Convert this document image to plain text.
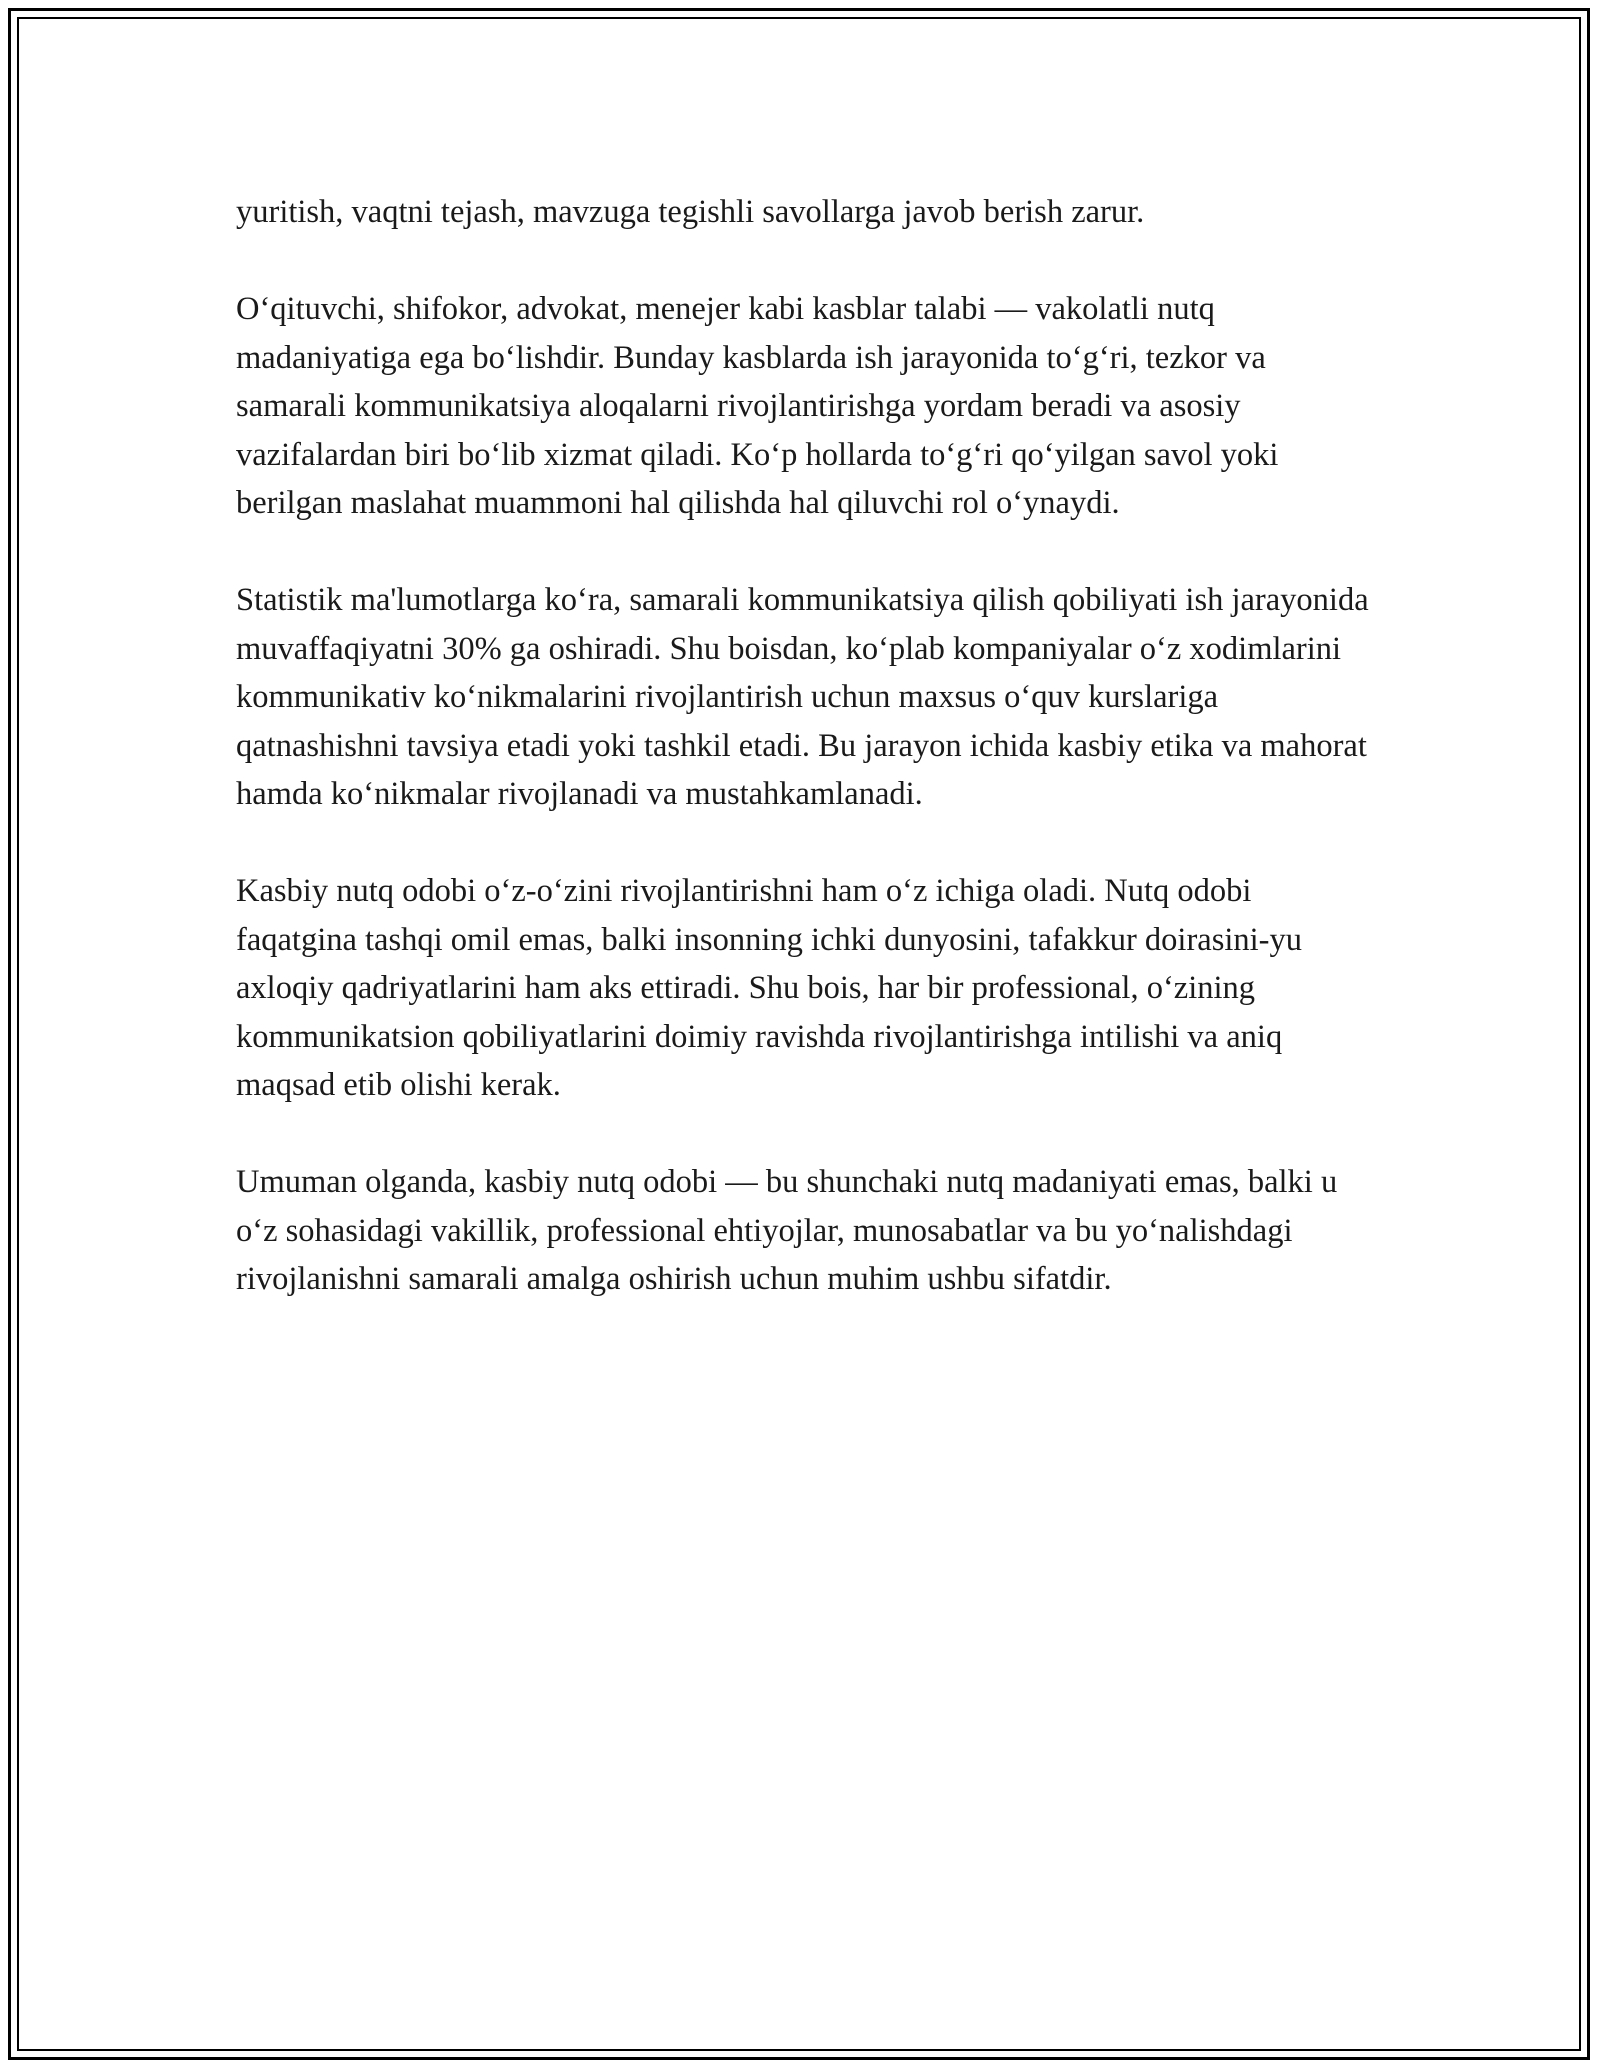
yuritish, vaqtni tejash, mavzuga tegishli savollarga javob berish zarur.

O‘qituvchi, shifokor, advokat, menejer kabi kasblar talabi — vakolatli nutq madaniyatiga ega bo‘lishdir. Bunday kasblarda ish jarayonida to‘g‘ri, tezkor va samarali kommunikatsiya aloqalarni rivojlantirishga yordam beradi va asosiy vazifalardan biri bo‘lib xizmat qiladi. Ko‘p hollarda to‘g‘ri qo‘yilgan savol yoki berilgan maslahat muammoni hal qilishda hal qiluvchi rol o‘ynaydi.

Statistik ma'lumotlarga ko‘ra, samarali kommunikatsiya qilish qobiliyati ish jarayonida muvaffaqiyatni 30% ga oshiradi. Shu boisdan, ko‘plab kompaniyalar o‘z xodimlarini kommunikativ ko‘nikmalarini rivojlantirish uchun maxsus o‘quv kurslariga qatnashishni tavsiya etadi yoki tashkil etadi. Bu jarayon ichida kasbiy etika va mahorat hamda ko‘nikmalar rivojlanadi va mustahkamlanadi.

Kasbiy nutq odobi o‘z-o‘zini rivojlantirishni ham o‘z ichiga oladi. Nutq odobi faqatgina tashqi omil emas, balki insonning ichki dunyosini, tafakkur doirasini-yu axloqiy qadriyatlarini ham aks ettiradi. Shu bois, har bir professional, o‘zining kommunikatsion qobiliyatlarini doimiy ravishda rivojlantirishga intilishi va aniq maqsad etib olishi kerak.

Umuman olganda, kasbiy nutq odobi — bu shunchaki nutq madaniyati emas, balki u o‘z sohasidagi vakillik, professional ehtiyojlar, munosabatlar va bu yo‘nalishdagi rivojlanishni samarali amalga oshirish uchun muhim ushbu sifatdir.
